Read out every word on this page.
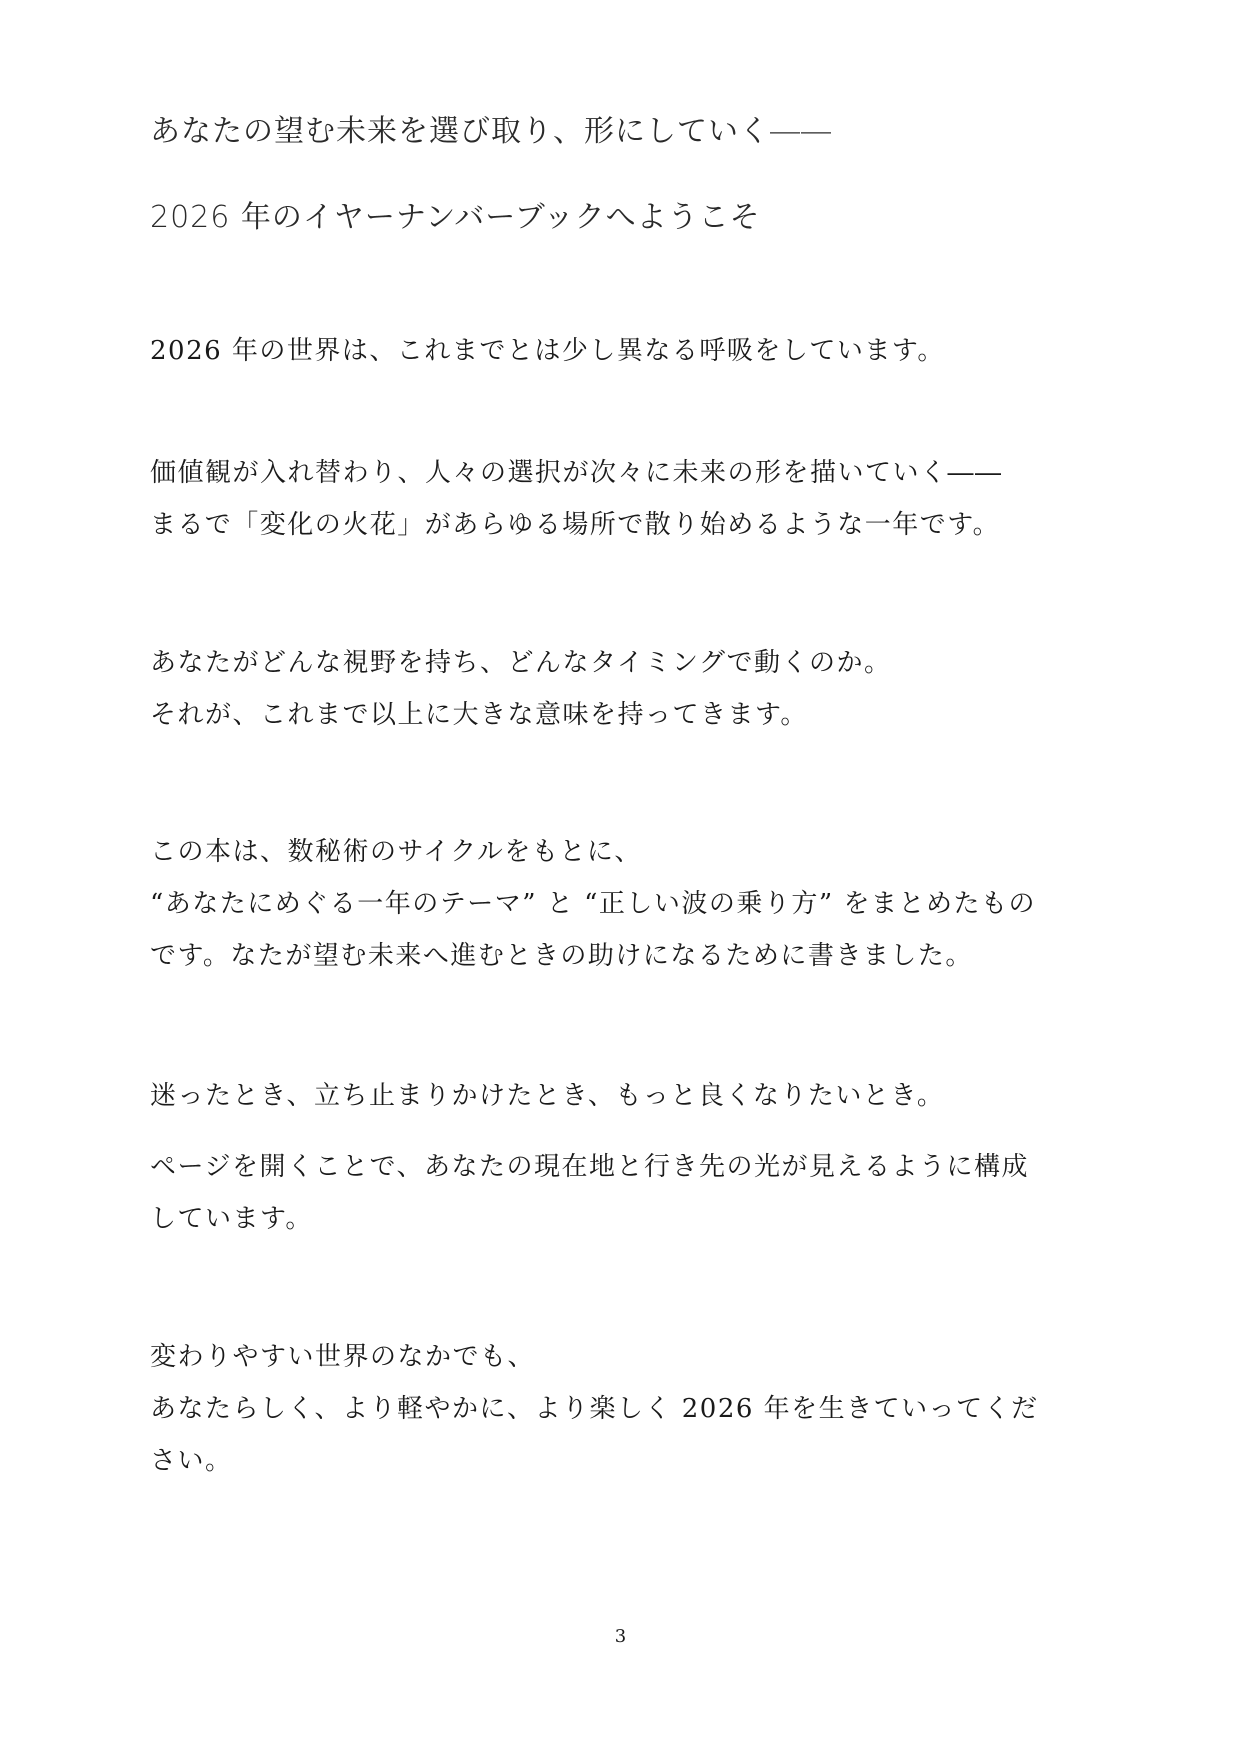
あなたの望む未来を選び取り、形にしていく――
2026 年のイヤーナンバーブックへようこそ
2026 年の世界は、これまでとは少し異なる呼吸をしています。
価値観が入れ替わり、人々の選択が次々に未来の形を描いていく――
まるで「変化の火花」があらゆる場所で散り始めるような一年です。
あなたがどんな視野を持ち、どんなタイミングで動くのか。
それが、これまで以上に大きな意味を持ってきます。
この本は、数秘術のサイクルをもとに、
“あなたにめぐる一年のテーマ” と “正しい波の乗り方” をまとめたもの
です。なたが望む未来へ進むときの助けになるために書きました。
迷ったとき、立ち止まりかけたとき、もっと良くなりたいとき。
ページを開くことで、あなたの現在地と行き先の光が見えるように構成
しています。
変わりやすい世界のなかでも、
あなたらしく、より軽やかに、より楽しく 2026 年を生きていってくだ
さい。
3
